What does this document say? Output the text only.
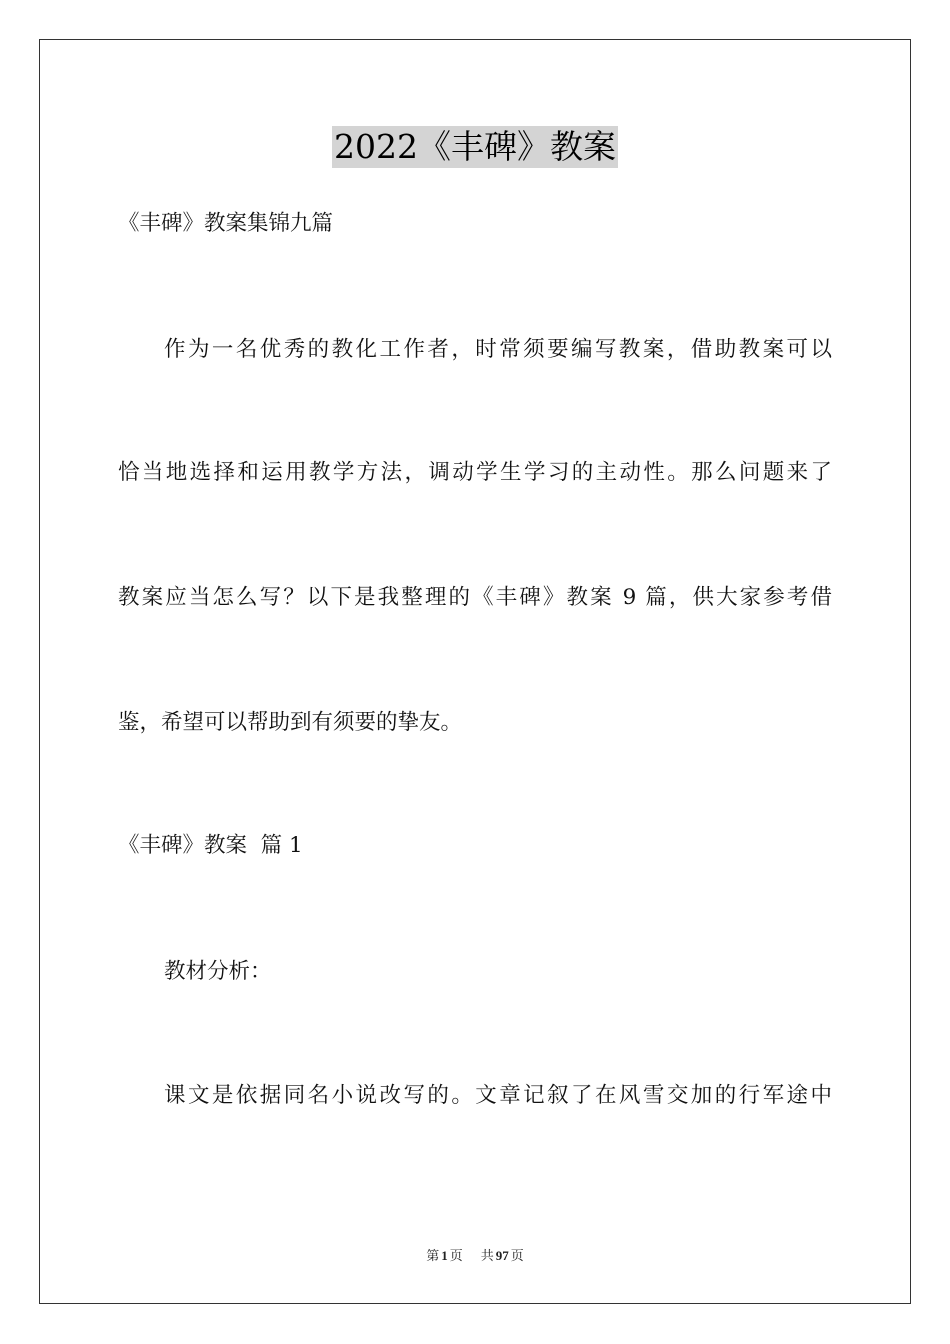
2022《丰碑》教案
《丰碑》教案集锦九篇
作为一名优秀的教化工作者，时常须要编写教案，借助教案可以
恰当地选择和运用教学方法，调动学生学习的主动性。那么问题来了
教案应当怎么写？以下是我整理的《丰碑》教案 9 篇，供大家参考借
鉴，希望可以帮助到有须要的挚友。
《丰碑》教案  篇 1
教材分析：
课文是依据同名小说改写的。文章记叙了在风雪交加的行军途中
第 1 页 共 97 页
